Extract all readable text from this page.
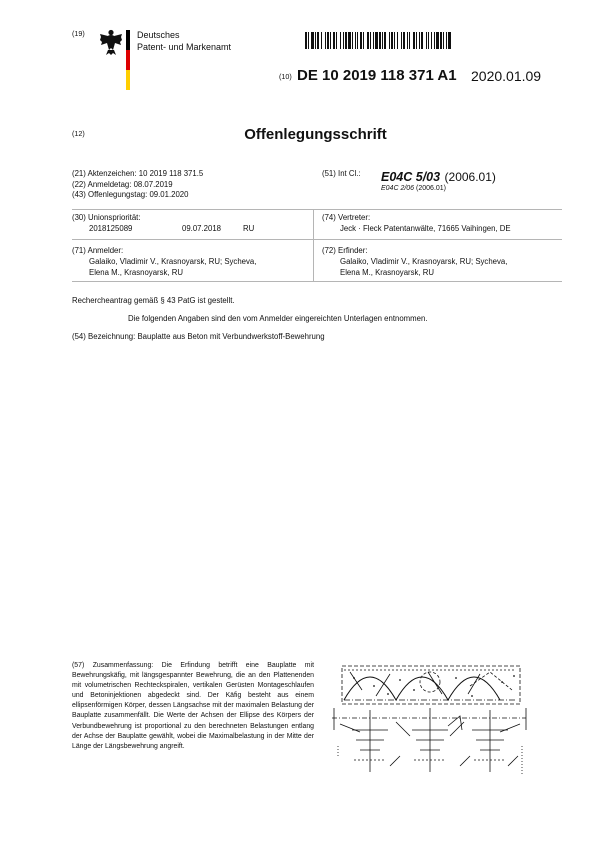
(19)	Deutsches
Patent- und Markenamt
(10) DE 10 2019 118 371 A1 2020.01.09
(12)	Offenlegungsschrift
(21) Aktenzeichen: 10 2019 118 371.5
(22) Anmeldetag: 08.07.2019
(43) Offenlegungstag: 09.01.2020
(51) Int Cl.: E04C 5/03 (2006.01)
E04C 2/06 (2006.01)
(30) Unionspriorität:
2018125089	09.07.2018	RU
(74) Vertreter:
Jeck · Fleck Patentanwälte, 71665 Vaihingen, DE
(71) Anmelder:
Galaiko, Vladimir V., Krasnoyarsk, RU; Sycheva,
Elena M., Krasnoyarsk, RU
(72) Erfinder:
Galaiko, Vladimir V., Krasnoyarsk, RU; Sycheva,
Elena M., Krasnoyarsk, RU
Rechercheantrag gemäß § 43 PatG ist gestellt.
Die folgenden Angaben sind den vom Anmelder eingereichten Unterlagen entnommen.
(54) Bezeichnung: Bauplatte aus Beton mit Verbundwerkstoff-Bewehrung
(57) Zusammenfassung: Die Erfindung betrifft eine Bauplatte mit Bewehrungskäfig, mit längsgespannter Bewehrung, die an den Plattenenden mit volumetrischen Rechteckspiralen, vertikalen Gerüsten Montageschlaufen und Betoninjektionen abgedeckt sind. Der Käfig besteht aus einem ellipsenförmigen Körper, dessen Längsachse mit der maximalen Belastung der Bauplatte zusammenfällt. Die Werte der Achsen der Ellipse des Körpers der Verbundbewehrung ist proportional zu den berechneten Belastungen entlang der Achse der Bauplatte gewählt, wobei die Maximalbelastung in der Mitte der Länge der Längsbewehrung angreift.
